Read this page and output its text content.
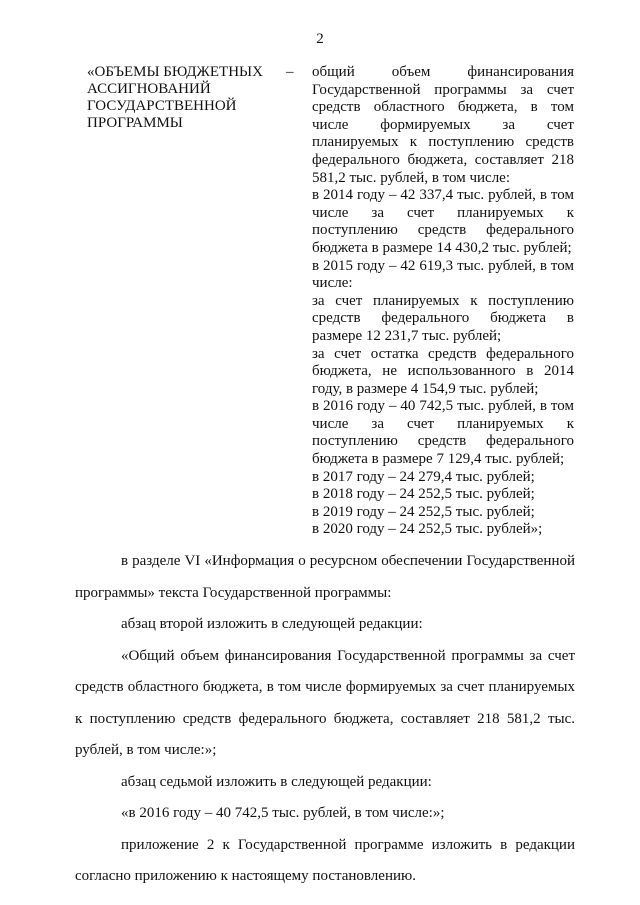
2
«ОБЪЕМЫ БЮДЖЕТНЫХ АССИГНОВАНИЙ ГОСУДАРСТВЕННОЙ ПРОГРАММЫ
– общий объем финансирования Государственной программы за счет средств областного бюджета, в том числе формируемых за счет планируемых к поступлению средств федерального бюджета, составляет 218 581,2 тыс. рублей, в том числе:

в 2014 году – 42 337,4 тыс. рублей, в том числе за счет планируемых к поступлению средств федерального бюджета в размере 14 430,2 тыс. рублей;

в 2015 году – 42 619,3 тыс. рублей, в том числе:

за счет планируемых к поступлению средств федерального бюджета в размере 12 231,7 тыс. рублей;

за счет остатка средств федерального бюджета, не использованного в 2014 году, в размере 4 154,9 тыс. рублей;

в 2016 году – 40 742,5 тыс. рублей, в том числе за счет планируемых к поступлению средств федерального бюджета в размере 7 129,4 тыс. рублей;

в 2017 году – 24 279,4 тыс. рублей;

в 2018 году – 24 252,5 тыс. рублей;

в 2019 году – 24 252,5 тыс. рублей;

в 2020 году – 24 252,5 тыс. рублей»;

в разделе VI «Информация о ресурсном обеспечении Государственной программы» текста Государственной программы:

абзац второй изложить в следующей редакции:

«Общий объем финансирования Государственной программы за счет средств областного бюджета, в том числе формируемых за счет планируемых к поступлению средств федерального бюджета, составляет 218 581,2 тыс. рублей, в том числе:»;

абзац седьмой изложить в следующей редакции:

«в 2016 году – 40 742,5 тыс. рублей, в том числе:»;

приложение 2 к Государственной программе изложить в редакции согласно приложению к настоящему постановлению.
